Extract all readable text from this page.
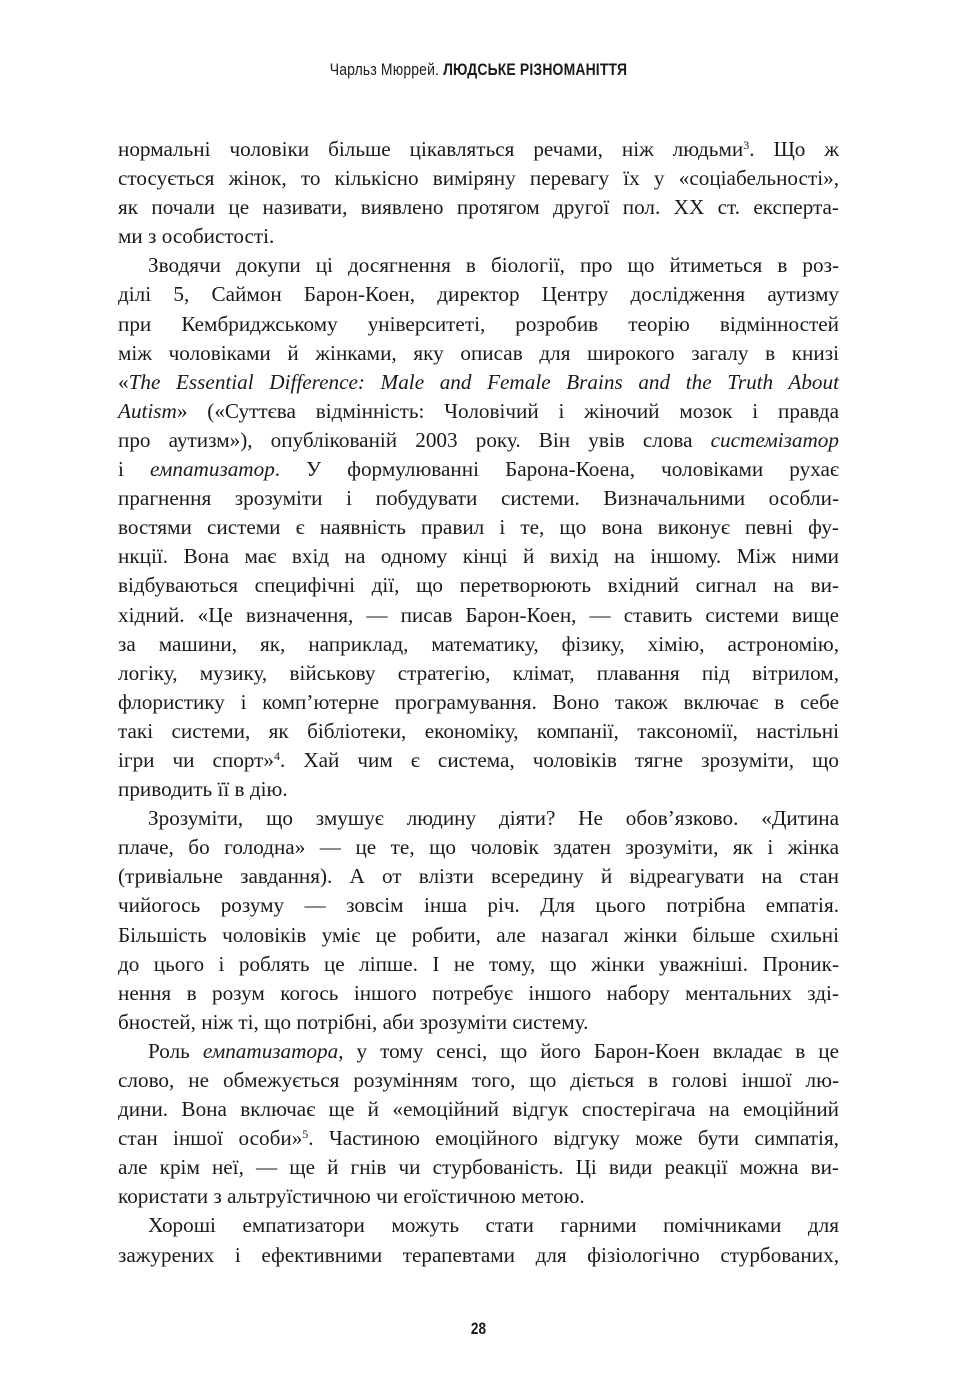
Чарльз Мюррей. ЛЮДСЬКЕ РІЗНОМАНІТТЯ
нормальні чоловіки більше цікавляться речами, ніж людьми$^3$. Що ж
стосується жінок, то кількісно виміряну перевагу їх у «соціабельності»,
як почали це називати, виявлено протягом другої пол. XX ст. експерта-
ми з особистості.
Зводячи докупи ці досягнення в біології, про що йтиметься в роз-
ділі 5, Саймон Барон-Коен, директор Центру дослідження аутизму
при Кембриджському університеті, розробив теорію відмінностей
між чоловіками й жінками, яку описав для широкого загалу в книзі
«The Essential Difference: Male and Female Brains and the Truth About
Autism» («Суттєва відмінність: Чоловічий і жіночий мозок і правда
про аутизм»), опублікованій 2003 року. Він увів слова системізатор
і емпатизатор. У формулюванні Барона-Коена, чоловіками рухає
прагнення зрозуміти і побудувати системи. Визначальними особли-
востями системи є наявність правил і те, що вона виконує певні фу-
нкції. Вона має вхід на одному кінці й вихід на іншому. Між ними
відбуваються специфічні дії, що перетворюють вхідний сигнал на ви-
хідний. «Це визначення, — писав Барон-Коен, — ставить системи вище
за машини, як, наприклад, математику, фізику, хімію, астрономію,
логіку, музику, військову стратегію, клімат, плавання під вітрилом,
флористику і комп’ютерне програмування. Воно також включає в себе
такі системи, як бібліотеки, економіку, компанії, таксономії, настільні
ігри чи спорт»$^4$. Хай чим є система, чоловіків тягне зрозуміти, що
приводить її в дію.
Зрозуміти, що змушує людину діяти? Не обов’язково. «Дитина
плаче, бо голодна» — це те, що чоловік здатен зрозуміти, як і жінка
(тривіальне завдання). А от влізти всередину й відреагувати на стан
чийогось розуму — зовсім інша річ. Для цього потрібна емпатія.
Більшість чоловіків уміє це робити, але назагал жінки більше схильні
до цього і роблять це ліпше. І не тому, що жінки уважніші. Проник-
нення в розум когось іншого потребує іншого набору ментальних зді-
бностей, ніж ті, що потрібні, аби зрозуміти систему.
Роль емпатизатора, у тому сенсі, що його Барон-Коен вкладає в це
слово, не обмежується розумінням того, що діється в голові іншої лю-
дини. Вона включає ще й «емоційний відгук спостерігача на емоційний
стан іншої особи»$^5$. Частиною емоційного відгуку може бути симпатія,
але крім неї, — ще й гнів чи стурбованість. Ці види реакції можна ви-
користати з альтруїстичною чи егоїстичною метою.
Хороші емпатизатори можуть стати гарними помічниками для
зажурених і ефективними терапевтами для фізіологічно стурбованих,
28
